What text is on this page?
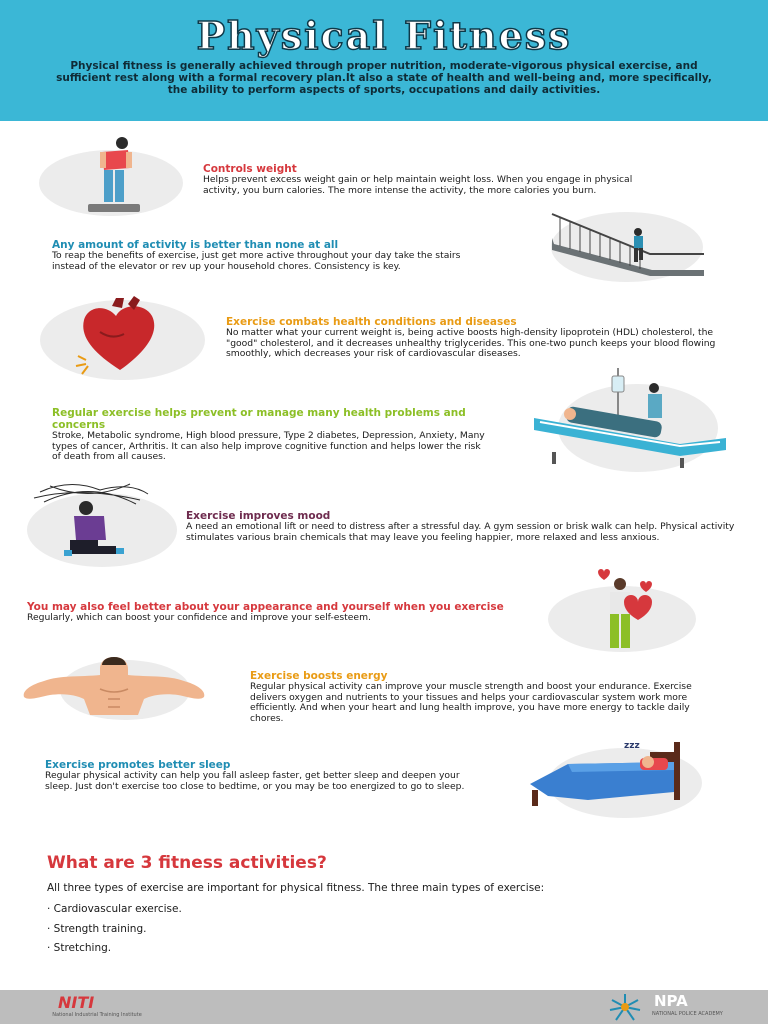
Physical Fitness

Physical fitness is generally achieved through proper nutrition, moderate-vigorous physical exercise, and sufficient rest along with a formal recovery plan.It also a state of health and well-being and, more specifically, the ability to perform aspects of sports, occupations and daily activities.

Controls weight

Helps prevent excess weight gain or help maintain weight loss. When you engage in physical activity, you burn calories. The more intense the activity, the more calories you burn.

Any amount of activity is better than none at all

To reap the benefits of exercise, just get more active throughout your day take the stairs instead of the elevator or rev up your household chores. Consistency is key.

Exercise combats health conditions and diseases

No matter what your current weight is, being active boosts high-density lipoprotein (HDL) cholesterol, the "good" cholesterol, and it decreases unhealthy triglycerides. This one-two punch keeps your blood flowing smoothly, which decreases your risk of cardiovascular diseases.

Regular exercise helps prevent or manage many health problems and concerns

Stroke, Metabolic syndrome, High blood pressure, Type 2 diabetes, Depression, Anxiety, Many types of cancer, Arthritis. It can also help improve cognitive function and helps lower the risk of death from all causes.

Exercise improves mood

A need an emotional lift or need to distress after a stressful day. A gym session or brisk walk can help. Physical activity stimulates various brain chemicals that may leave you feeling happier, more relaxed and less anxious.

You may also feel better about your appearance and yourself when you exercise

Regularly, which can boost your confidence and improve your self-esteem.

Exercise boosts energy

Regular physical activity can improve your muscle strength and boost your endurance. Exercise delivers oxygen and nutrients to your tissues and helps your cardiovascular system work more efficiently. And when your heart and lung health improve, you have more energy to tackle daily chores.

zzz
Exercise promotes better sleep

Regular physical activity can help you fall asleep faster, get better sleep and deepen your sleep. Just don't exercise too close to bedtime, or you may be too energized to go to sleep.

What are 3 fitness activities?

All three types of exercise are important for physical fitness. The three main types of exercise:

· Cardiovascular exercise.

· Strength training.

· Stretching.

NITI
National Industrial Training Institute
NPA
NATIONAL POLICE ACADEMY
